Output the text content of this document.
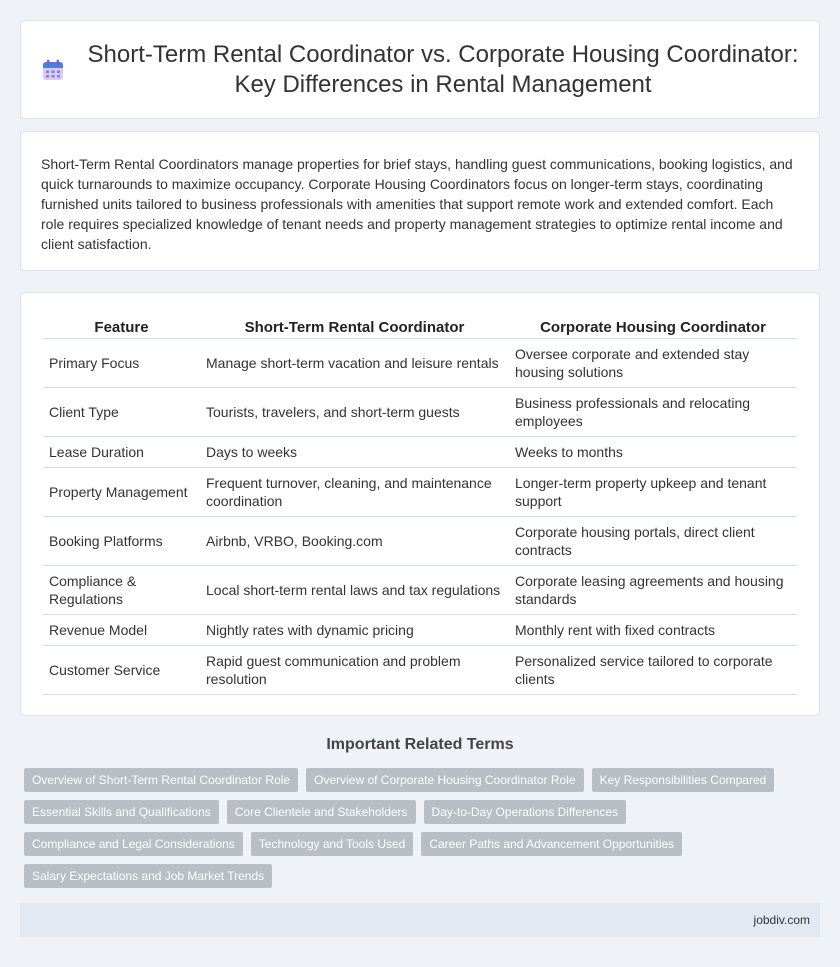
Short-Term Rental Coordinator vs. Corporate Housing Coordinator: Key Differences in Rental Management

Short-Term Rental Coordinators manage properties for brief stays, handling guest communications, booking logistics, and quick turnarounds to maximize occupancy. Corporate Housing Coordinators focus on longer-term stays, coordinating furnished units tailored to business professionals with amenities that support remote work and extended comfort. Each role requires specialized knowledge of tenant needs and property management strategies to optimize rental income and client satisfaction.

Feature	Short-Term Rental Coordinator	Corporate Housing Coordinator
Primary Focus	Manage short-term vacation and leisure rentals	Oversee corporate and extended stay housing solutions
Client Type	Tourists, travelers, and short-term guests	Business professionals and relocating employees
Lease Duration	Days to weeks	Weeks to months
Property Management	Frequent turnover, cleaning, and maintenance coordination	Longer-term property upkeep and tenant support
Booking Platforms	Airbnb, VRBO, Booking.com	Corporate housing portals, direct client contracts
Compliance & Regulations	Local short-term rental laws and tax regulations	Corporate leasing agreements and housing standards
Revenue Model	Nightly rates with dynamic pricing	Monthly rent with fixed contracts
Customer Service	Rapid guest communication and problem resolution	Personalized service tailored to corporate clients
Important Related Terms
Overview of Short-Term Rental Coordinator Role	Overview of Corporate Housing Coordinator Role	Key Responsibilities Compared
Essential Skills and Qualifications	Core Clientele and Stakeholders	Day-to-Day Operations Differences
Compliance and Legal Considerations	Technology and Tools Used	Career Paths and Advancement Opportunities
Salary Expectations and Job Market Trends
jobdiv.com
